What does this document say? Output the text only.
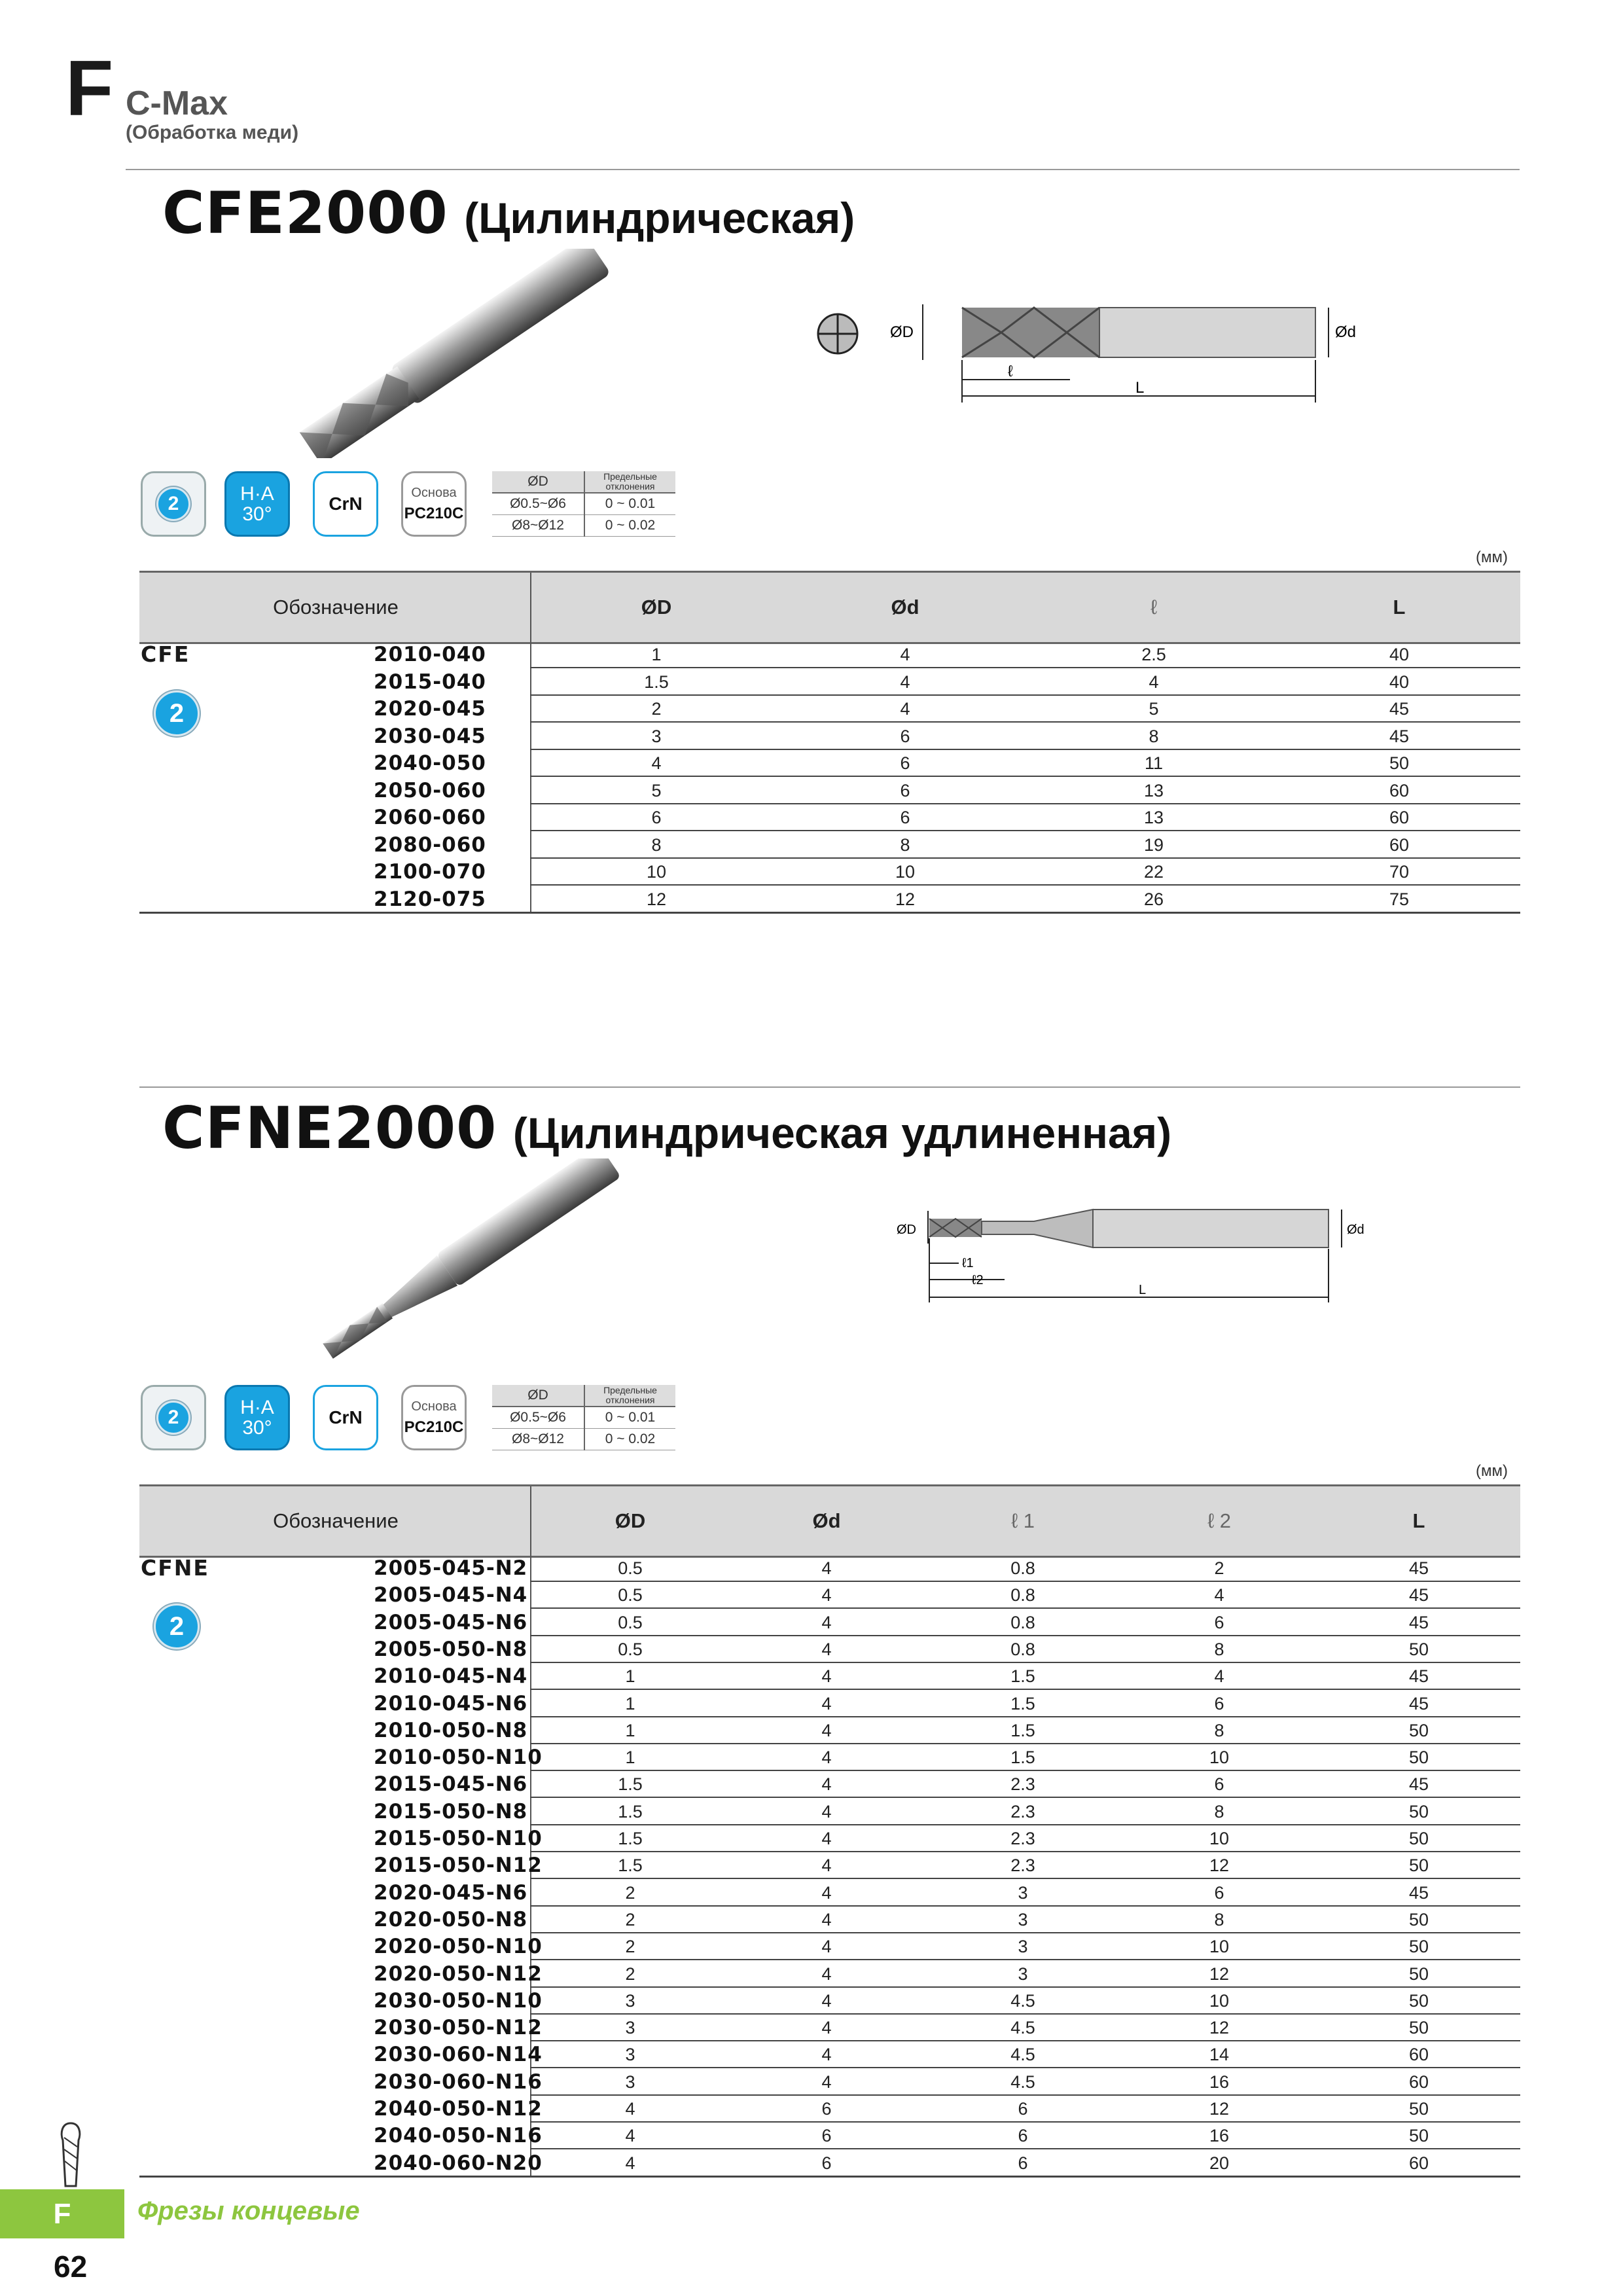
F C-Max
(Обработка меди)
CFE2000 (Цилиндрическая)
ØD	Ød
ℓ
L
2	H·A
30°	CrN
Основа
PC210C
ØD	Предельные отклонения
Ø0.5~Ø6	0 ~ 0.01
Ø8~Ø12	0 ~ 0.02
(мм)
Обозначение	ØD	Ød	ℓ	L
CFE
2
2010-040	1	4	2.5	40
2015-040	1.5	4	4	40
2020-045	2	4	5	45
2030-045	3	6	8	45
2040-050	4	6	11	50
2050-060	5	6	13	60
2060-060	6	6	13	60
2080-060	8	8	19	60
2100-070	10	10	22	70
2120-075	12	12	26	75
CFNE2000 (Цилиндрическая удлиненная)
ØD	Ød
ℓ1
ℓ2
L
2	H·A
30°	CrN
Основа
PC210C
ØD	Предельные отклонения
Ø0.5~Ø6	0 ~ 0.01
Ø8~Ø12	0 ~ 0.02
(мм)
Обозначение	ØD	Ød	ℓ 1	ℓ 2	L
CFNE
2
2005-045-N2	0.5	4	0.8	2	45
2005-045-N4	0.5	4	0.8	4	45
2005-045-N6	0.5	4	0.8	6	45
2005-050-N8	0.5	4	0.8	8	50
2010-045-N4	1	4	1.5	4	45
2010-045-N6	1	4	1.5	6	45
2010-050-N8	1	4	1.5	8	50
2010-050-N10	1	4	1.5	10	50
2015-045-N6	1.5	4	2.3	6	45
2015-050-N8	1.5	4	2.3	8	50
2015-050-N10	1.5	4	2.3	10	50
2015-050-N12	1.5	4	2.3	12	50
2020-045-N6	2	4	3	6	45
2020-050-N8	2	4	3	8	50
2020-050-N10	2	4	3	10	50
2020-050-N12	2	4	3	12	50
2030-050-N10	3	4	4.5	10	50
2030-050-N12	3	4	4.5	12	50
2030-060-N14	3	4	4.5	14	60
2030-060-N16	3	4	4.5	16	60
2040-050-N12	4	6	6	12	50
2040-050-N16	4	6	6	16	50
2040-060-N20	4	6	6	20	60
F	Фрезы концевые
62
